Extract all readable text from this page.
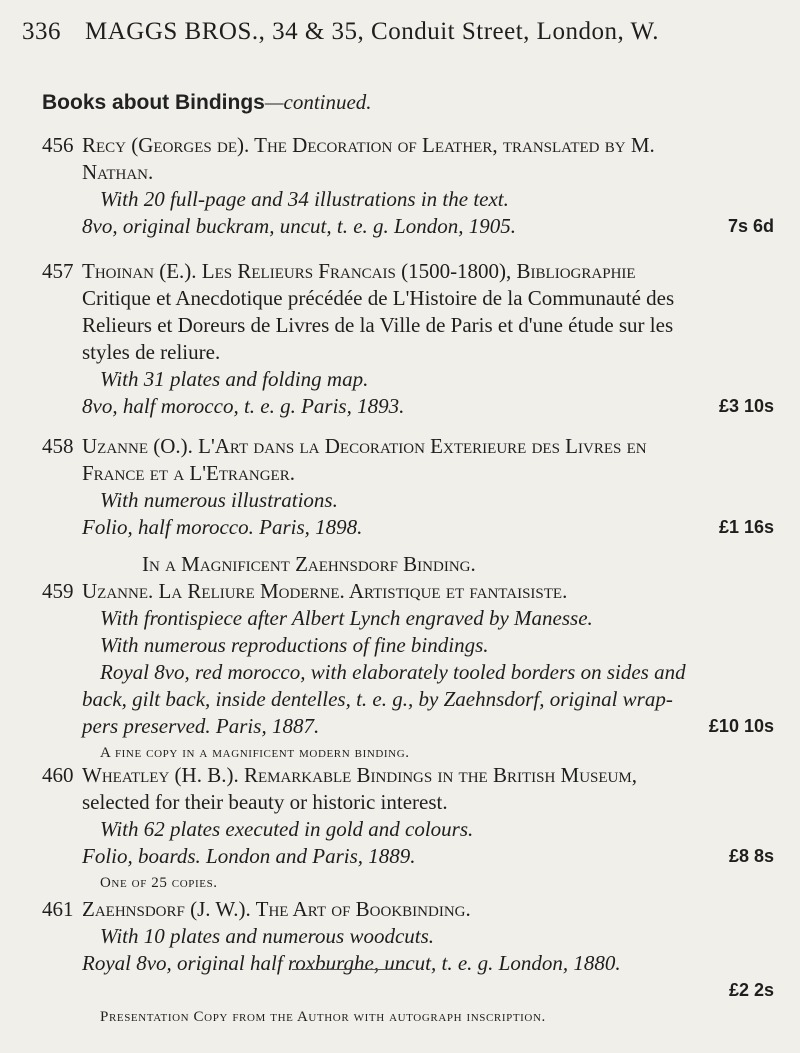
336 MAGGS BROS., 34 & 35, Conduit Street, London, W.
Books about Bindings—continued.
456 Recy (Georges de). The Decoration of Leather, translated by M.
Nathan.
With 20 full-page and 34 illustrations in the text.
8vo, original buckram, uncut, t. e. g. London, 1905.	7s 6d
457 Thoinan (E.). Les Relieurs Francais (1500-1800), Bibliographie
Critique et Anecdotique précédée de L'Histoire de la Communauté des
Relieurs et Doreurs de Livres de la Ville de Paris et d'une étude sur les
styles de reliure.
With 31 plates and folding map.
8vo, half morocco, t. e. g. Paris, 1893.	£3 10s
458 Uzanne (O.). L'Art dans la Decoration Exterieure des Livres en
France et a L'Etranger.
With numerous illustrations.
Folio, half morocco. Paris, 1898.	£1 16s
In a Magnificent Zaehnsdorf Binding.
459 Uzanne. La Reliure Moderne. Artistique et fantaisiste.
With frontispiece after Albert Lynch engraved by Manesse.
With numerous reproductions of fine bindings.
Royal 8vo, red morocco, with elaborately tooled borders on sides and
back, gilt back, inside dentelles, t. e. g., by Zaehnsdorf, original wrap-
pers preserved. Paris, 1887.	£10 10s
A fine copy in a magnificent modern binding.
460 Wheatley (H. B.). Remarkable Bindings in the British Museum,
selected for their beauty or historic interest.
With 62 plates executed in gold and colours.
Folio, boards. London and Paris, 1889.	£8 8s
One of 25 copies.
461 Zaehnsdorf (J. W.). The Art of Bookbinding.
With 10 plates and numerous woodcuts.
Royal 8vo, original half roxburghe, uncut, t. e. g. London, 1880.
£2 2s
Presentation Copy from the Author with autograph inscription.
